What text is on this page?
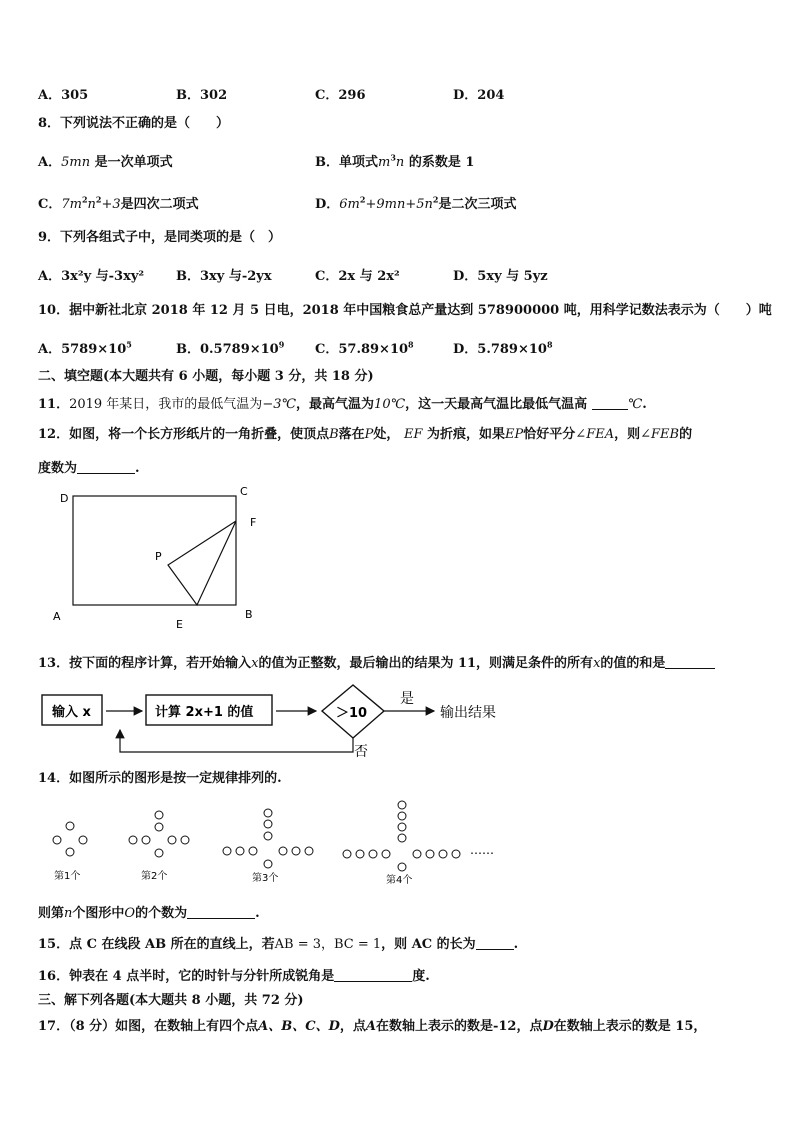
A．305	B．302	C．296	D．204
8．下列说法不正确的是（　　）
A．5mn 是一次单项式	B．单项式$m^3n$ 的系数是 1
C．$7m^2n^2+3$是四次二项式	D．$6m^2+9mn+5n^2$是二次三项式
9．下列各组式子中，是同类项的是（　）
A．3x²y 与-3xy² B．3xy 与-2yx	C．2x 与 2x²	D．5xy 与 5yz
10．据中新社北京 2018 年 12 月 5 日电，2018 年中国粮食总产量达到 578900000 吨，用科学记数法表示为（　　）吨
A．$5789\times 10^5$	B．$0.5789\times 10^9$ C．$57.89\times 10^8$	D．$5.789\times 10^8$
二、填空题(本大题共有 6 小题，每小题 3 分，共 18 分)
11．2019 年某日，我市的最低气温为−3℃，最高气温为10℃，这一天最高气温比最低气温高	℃.
12．如图，将一个长方形纸片的一角折叠，使顶点B落在P处， EF 为折痕，如果EP恰好平分∠FEA，则∠FEB的
度数为	.
D
C
F
P
A
E
B
13．按下面的程序计算，若开始输入x的值为正整数，最后输出的结果为 11，则满足条件的所有x的值的和是
输入 x	计算 2x+1 的值	＞10
是
输出结果
否
14．如图所示的图形是按一定规律排列的.
……
第1个	第2个	第3个	第4个
则第n个图形中O的个数为	.
15．点 C 在线段 AB 所在的直线上，若AB = 3，BC = 1，则 AC 的长为	.
16．钟表在 4 点半时，它的时针与分针所成锐角是	度.
三、解下列各题(本大题共 8 小题，共 72 分)
17．（8 分）如图，在数轴上有四个点A、B、C、D，点A在数轴上表示的数是-12，点D在数轴上表示的数是 15，
